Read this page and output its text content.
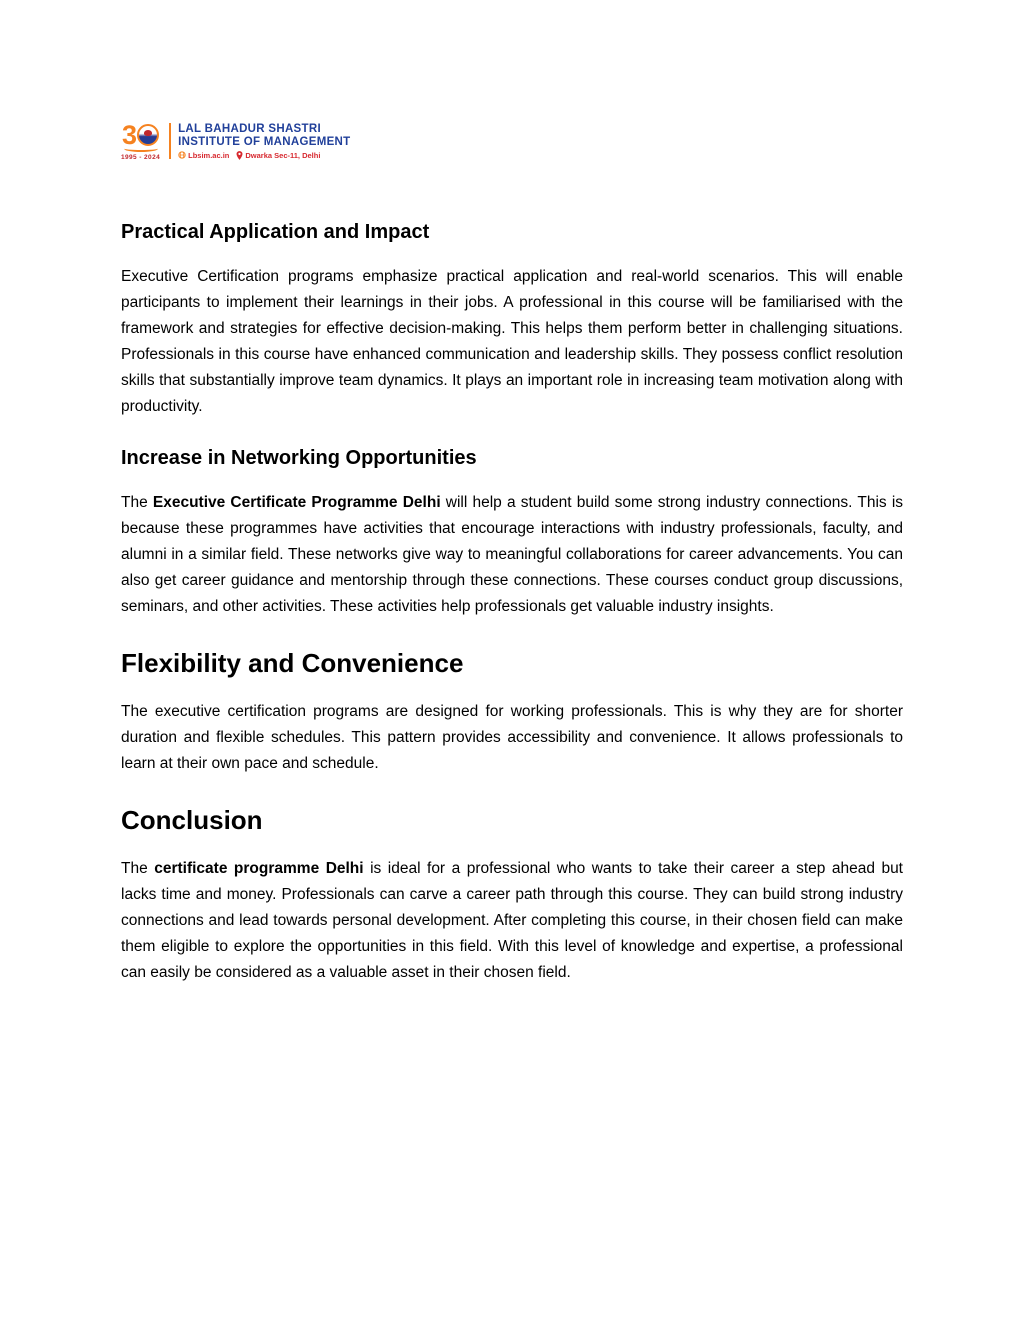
3
1995 - 2024
LAL BAHADUR SHASTRI
INSTITUTE OF MANAGEMENT
Lbsim.ac.in Dwarka Sec-11, Delhi
Practical Application and Impact

Executive Certification programs emphasize practical application and real-world scenarios. This will enable participants to implement their learnings in their jobs. A professional in this course will be familiarised with the framework and strategies for effective decision-making. This helps them perform better in challenging situations. Professionals in this course have enhanced communication and leadership skills. They possess conflict resolution skills that substantially improve team dynamics. It plays an important role in increasing team motivation along with productivity.

Increase in Networking Opportunities

The Executive Certificate Programme Delhi will help a student build some strong industry connections. This is because these programmes have activities that encourage interactions with industry professionals, faculty, and alumni in a similar field. These networks give way to meaningful collaborations for career advancements. You can also get career guidance and mentorship through these connections. These courses conduct group discussions, seminars, and other activities. These activities help professionals get valuable industry insights.

Flexibility and Convenience

The executive certification programs are designed for working professionals. This is why they are for shorter duration and flexible schedules. This pattern provides accessibility and convenience. It allows professionals to learn at their own pace and schedule.

Conclusion

The certificate programme Delhi is ideal for a professional who wants to take their career a step ahead but lacks time and money. Professionals can carve a career path through this course. They can build strong industry connections and lead towards personal development. After completing this course, in their chosen field can make them eligible to explore the opportunities in this field. With this level of knowledge and expertise, a professional can easily be considered as a valuable asset in their chosen field.
